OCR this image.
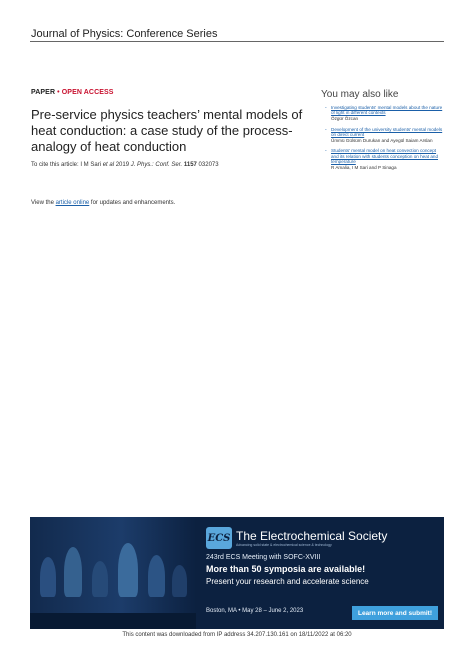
Journal of Physics: Conference Series
PAPER • OPEN ACCESS
Pre-service physics teachers’ mental models of heat conduction: a case study of the process-analogy of heat conduction
To cite this article: I M Sari et al 2019 J. Phys.: Conf. Ser. 1157 032073
View the article online for updates and enhancements.
You may also like
- Investigating students' mental models about the nature of light in different contexts
Özgür Özcan
- Development of the university students' mental models on direct current
Ümmü Gülsüm Durukan and Ayegül Saiam Arslan
- Students' mental model on heat convection concept and its relation with students conception on heat and temperature
R Amalia, I M Sari and P Sinaga
ECS The Electrochemical Society
Advancing solid state & electrochemical science & technology
243rd ECS Meeting with SOFC-XVIII
More than 50 symposia are available!
Present your research and accelerate science
Boston, MA • May 28 – June 2, 2023	Learn more and submit!
This content was downloaded from IP address 34.207.130.161 on 18/11/2022 at 06:20
